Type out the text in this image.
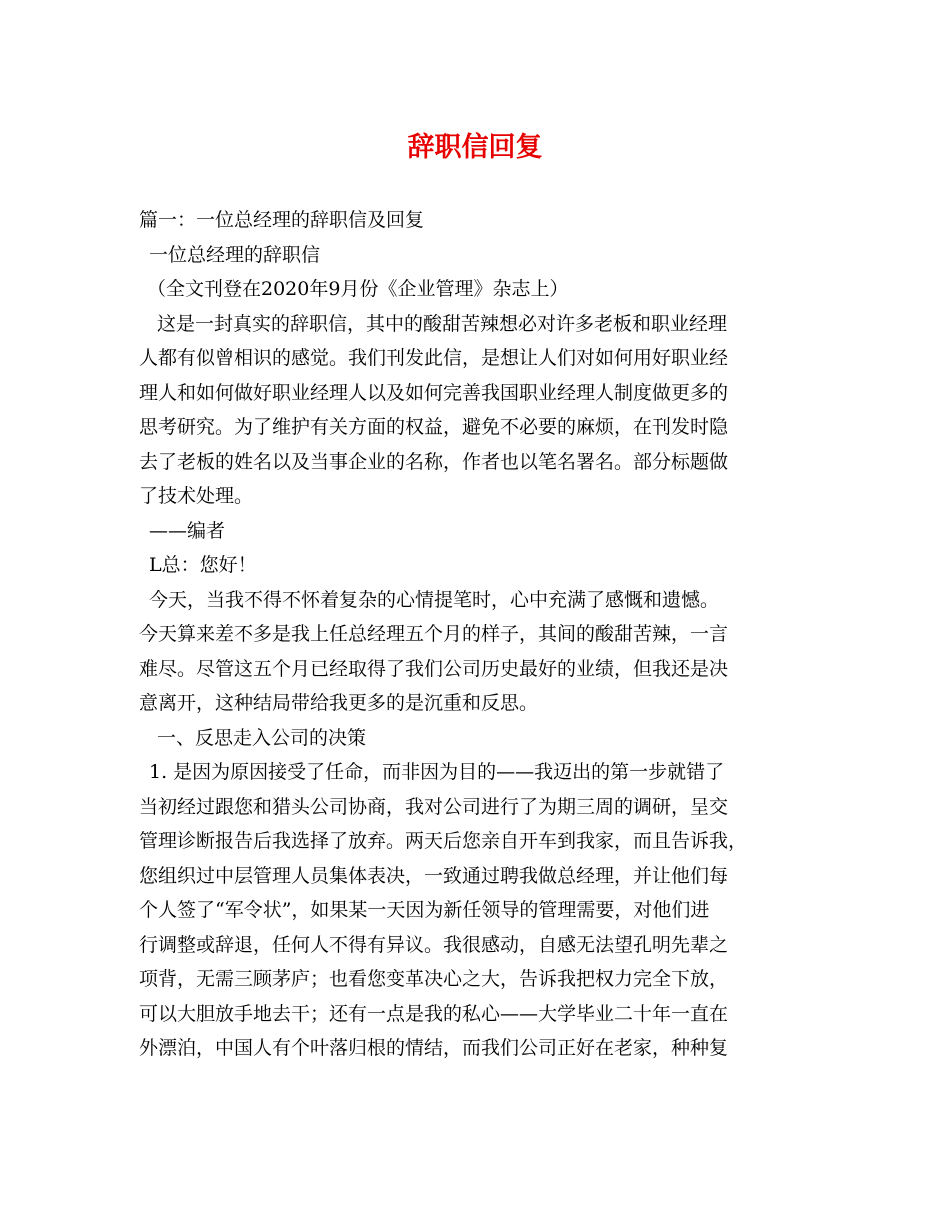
辞职信回复
篇一：一位总经理的辞职信及回复
一位总经理的辞职信
（全文刊登在2020年9月份《企业管理》杂志上）
这是一封真实的辞职信，其中的酸甜苦辣想必对许多老板和职业经理
人都有似曾相识的感觉。我们刊发此信，是想让人们对如何用好职业经
理人和如何做好职业经理人以及如何完善我国职业经理人制度做更多的
思考研究。为了维护有关方面的权益，避免不必要的麻烦，在刊发时隐
去了老板的姓名以及当事企业的名称，作者也以笔名署名。部分标题做
了技术处理。
——编者
L总：您好！
今天，当我不得不怀着复杂的心情提笔时，心中充满了感慨和遗憾。
今天算来差不多是我上任总经理五个月的样子，其间的酸甜苦辣，一言
难尽。尽管这五个月已经取得了我们公司历史最好的业绩，但我还是决
意离开，这种结局带给我更多的是沉重和反思。
一、反思走入公司的决策
1. 是因为原因接受了任命，而非因为目的——我迈出的第一步就错了
当初经过跟您和猎头公司协商，我对公司进行了为期三周的调研，呈交
管理诊断报告后我选择了放弃。两天后您亲自开车到我家，而且告诉我，
您组织过中层管理人员集体表决，一致通过聘我做总经理，并让他们每
个人签了“军令状”，如果某一天因为新任领导的管理需要，对他们进
行调整或辞退，任何人不得有异议。我很感动，自感无法望孔明先辈之
项背，无需三顾茅庐；也看您变革决心之大，告诉我把权力完全下放，
可以大胆放手地去干；还有一点是我的私心——大学毕业二十年一直在
外漂泊，中国人有个叶落归根的情结，而我们公司正好在老家，种种复
